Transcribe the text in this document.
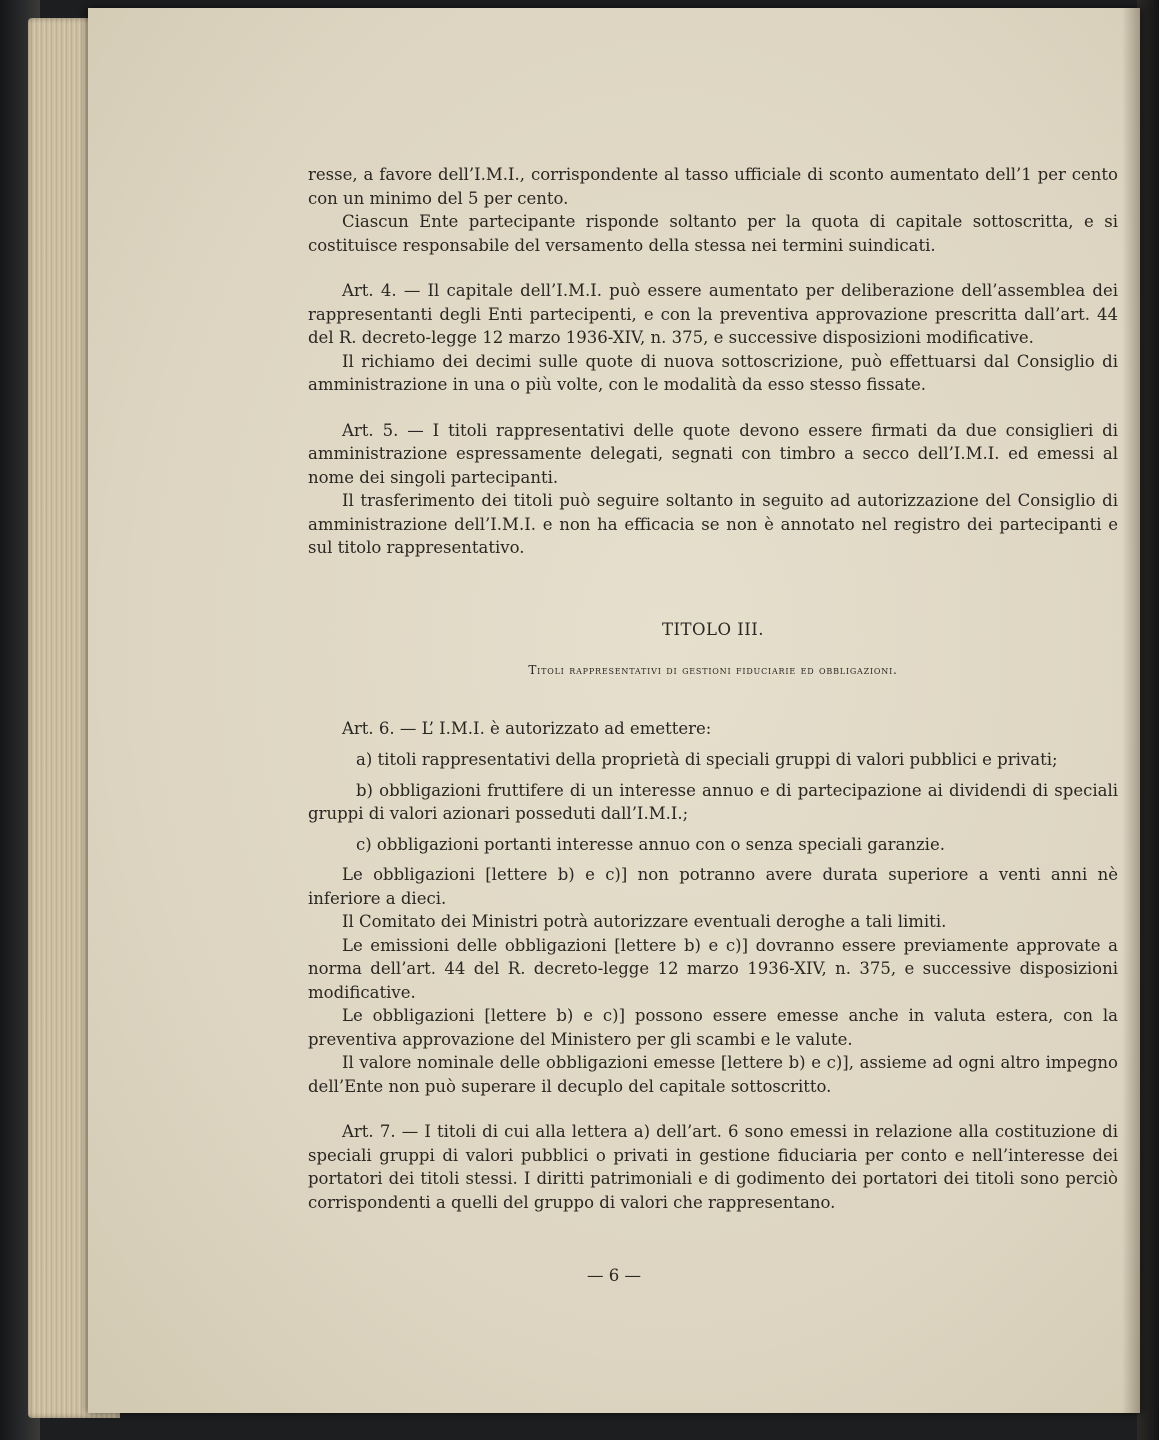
resse, a favore dell’I.M.I., corrispondente al tasso ufficiale di sconto aumentato dell’1 per cento con un minimo del 5 per cento.

Ciascun Ente partecipante risponde soltanto per la quota di capitale sottoscritta, e si costituisce responsabile del versamento della stessa nei termini suindicati.

Art. 4. — Il capitale dell’I.M.I. può essere aumentato per deliberazione dell’assemblea dei rappresentanti degli Enti partecipenti, e con la preventiva approvazione prescritta dall’art. 44 del R. decreto-legge 12 marzo 1936-XIV, n. 375, e successive disposizioni modificative.

Il richiamo dei decimi sulle quote di nuova sottoscrizione, può effettuarsi dal Consiglio di amministrazione in una o più volte, con le modalità da esso stesso fissate.

Art. 5. — I titoli rappresentativi delle quote devono essere firmati da due consiglieri di amministrazione espressamente delegati, segnati con timbro a secco dell’I.M.I. ed emessi al nome dei singoli partecipanti.

Il trasferimento dei titoli può seguire soltanto in seguito ad autorizzazione del Consiglio di amministrazione dell’I.M.I. e non ha efficacia se non è annotato nel registro dei partecipanti e sul titolo rappresentativo.

TITOLO III.

Titoli rappresentativi di gestioni fiduciarie ed obbligazioni.

Art. 6. — L’ I.M.I. è autorizzato ad emettere:

a) titoli rappresentativi della proprietà di speciali gruppi di valori pubblici e privati;

b) obbligazioni fruttifere di un interesse annuo e di partecipazione ai dividendi di speciali gruppi di valori azionari posseduti dall’I.M.I.;

c) obbligazioni portanti interesse annuo con o senza speciali garanzie.

Le obbligazioni [lettere b) e c)] non potranno avere durata superiore a venti anni nè inferiore a dieci.

Il Comitato dei Ministri potrà autorizzare eventuali deroghe a tali limiti.

Le emissioni delle obbligazioni [lettere b) e c)] dovranno essere previamente approvate a norma dell’art. 44 del R. decreto-legge 12 marzo 1936-XIV, n. 375, e successive disposizioni modificative.

Le obbligazioni [lettere b) e c)] possono essere emesse anche in valuta estera, con la preventiva approvazione del Ministero per gli scambi e le valute.

Il valore nominale delle obbligazioni emesse [lettere b) e c)], assieme ad ogni altro impegno dell’Ente non può superare il decuplo del capitale sottoscritto.

Art. 7. — I titoli di cui alla lettera a) dell’art. 6 sono emessi in relazione alla costituzione di speciali gruppi di valori pubblici o privati in gestione fiduciaria per conto e nell’interesse dei portatori dei titoli stessi. I diritti patrimoniali e di godimento dei portatori dei titoli sono perciò corrispondenti a quelli del gruppo di valori che rappresentano.

— 6 —
